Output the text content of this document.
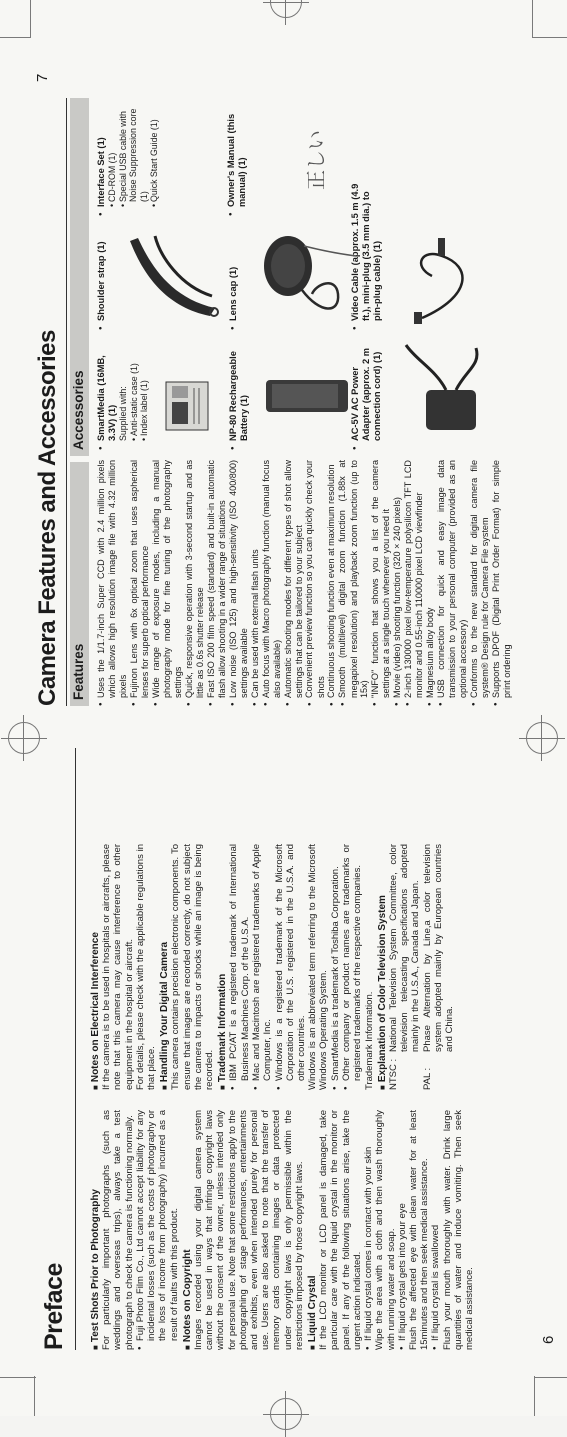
Preface ■ Test Shots Prior to Photography For particularly important photographs (such as weddings and overseas trips), always take a test photograph to check the camera is functioning normally. ● Fuji Photo Film Co., Ltd cannot accept liability for any incidental losses (such as the costs of photography or the loss of income from photography) incurred as a result of faults with this product. ■ Notes on Copyright Images recorded using your digital camera system cannot be used in ways that infringe copyright laws without the consent of the owner, unless intended only for personal use. Note that some restrictions apply to the photographing of stage performances, entertainments and exhibits, even when intended purely for personal use. Users are also asked to note that the transfer of memory cards containing images or data protected under copyright laws is only permissible within the restrictions imposed by those copyright laws. ■ Liquid Crystal If the LCD monitor or LCD panel is damaged, take particular care with the liquid crystal in the monitor or panel. If any of the following situations arise, take the urgent action indicated. ● If liquid crystal comes in contact with your skin Wipe the area with a cloth and then wash thoroughly with running water and soap. ● If liquid crystal gets into your eye Flush the affected eye with clean water for at least 15minutes and then seek medical assistance. ● If liquid crystal is swallowed Flush your mouth thoroughly with water. Drink large quantities of water and induce vomiting. Then seek medical assistance.

■ Notes on Electrical Interference If the camera is to be used in hospitals or aircrafts, please note that this camera may cause interference to other equipment in the hospital or aircraft. For details, please check with the applicable regulations in that place. ■ Handling Your Digital Camera This camera contains precision electronic components. To ensure that images are recorded correctly, do not subject the camera to impacts or shocks while an image is being recorded. ■ Trademark Information ● IBM PC/AT is a registered trademark of International Business Machines Corp. of the U.S.A. ● Mac and Macintosh are registered trademarks of Apple Computer, Inc. ● Windows is a registered trademark of the Microsoft Corporation of the U.S. registered in the U.S.A. and other countries. Windows is an abbreviated term referring to the Microsoft Windows Operating System. ● SmartMedia is a trademark of Toshiba Corporation. ● Other company or product names are trademarks or registered trademarks of the respective companies. Trademark Information. ■ Explanation of Color Television System NTSC :
National Television System Committee, color television telecasting specifications adopted mainly in the U.S.A., Canada and Japan.
PAL :
Phase Alternation by Line,a color television system adopted mainly by European countries and China.
6
Camera Features and Accessories Features
Accessories
● Uses the 1/1.7-inch Super CCD with 2.4 million pixels which allows high resolution image file with 4.32 million pixels ● Fujinon Lens with 6x optical zoom that uses aspherical lenses for superb optical performance ● Wide range of exposure modes, including a manual photography mode for fine tuning of the photography settings ● Quick, responsive operation with 3-second startup and as little as 0.6s shutter release ● Fast ISO 200 film speed (standard) and built-in automatic flash allow shooting in a wider range of situations ● Low noise (ISO 125) and high-sensitivity (ISO 400/800) settings available ● Can be used with external flash units ● Auto focus with Macro photography function (manual focus also available) ● Automatic shooting modes for different types of shot allow settings that can be tailored to your subject ● Convenient preview function so you can quickly check your shots ● Continuous shooting function even at maximum resolution ● Smooth (multilevel) digital zoom function (1.88x at megapixel resolution) and playback zoom function (up to 15x) ● "INFO" function that shows you a list of the camera settings at a single touch whenever you need it ● Movie (video) shooting function (320 × 240 pixels) ● 2-inch 130000 pixel low-temperature polysilicon TFT LCD monitor and 0.55-inch 110000 pixel LCD viewfinder ● Magnesium alloy body ● USB connection for quick and easy image data transmission to your personal computer (provided as an optional accessory) ● Conforms to the new standard for digital camera file system® Design rule for Camera File system ● Supports DPOF (Digital Print Order Format) for simple print ordering
● SmartMedia (16MB, 3.3V) (1) Supplied with: • Anti-static case (1) • Index label (1)
● Shoulder strap (1)
● NP-80 Rechargeable Battery (1)
● Lens cap (1)
● AC-5V AC Power Adapter (approx. 2 m connection cord) (1)
● Video Cable (approx. 1.5 m (4.9 ft.), mini-plug (3.5 mm dia.) to pin-plug cable) (1)
● Interface Set (1) • CD-ROM (1) • Special USB cable with Noise Suppression core (1) • Quick Start Guide (1)	● Owner's Manual (this manual) (1)	正しい
7
